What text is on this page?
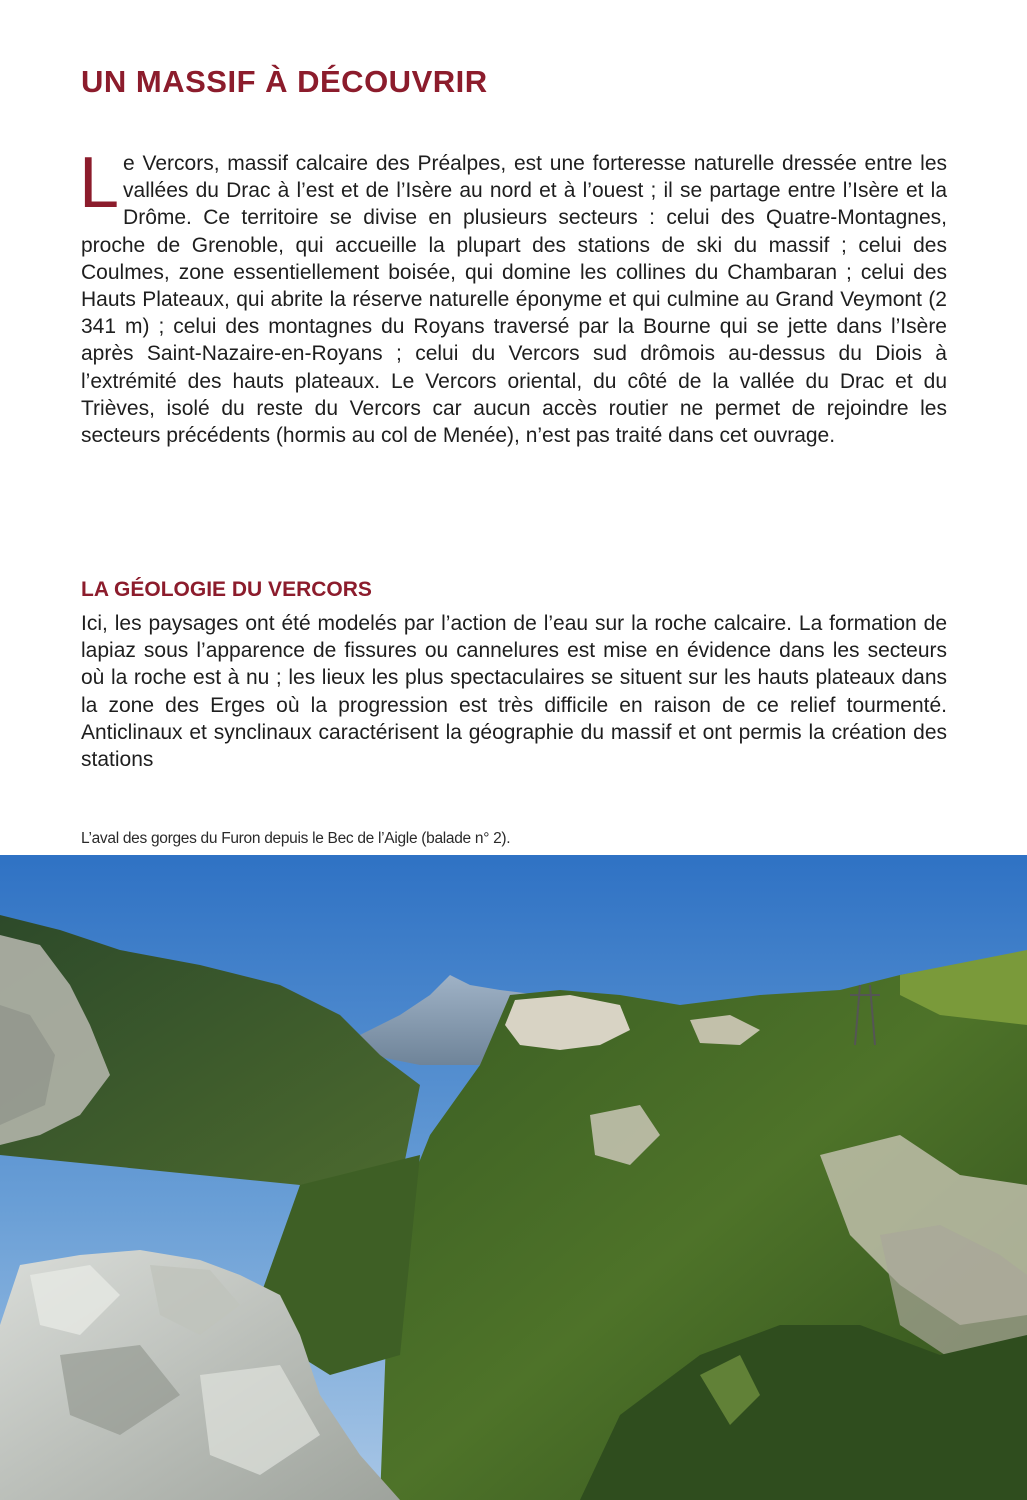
UN MASSIF À DÉCOUVRIR

Le Vercors, massif calcaire des Préalpes, est une forteresse naturelle dressée entre les vallées du Drac à l’est et de l’Isère au nord et à l’ouest ; il se partage entre l’Isère et la Drôme. Ce territoire se divise en plusieurs secteurs : celui des Quatre-Montagnes, proche de Grenoble, qui accueille la plupart des stations de ski du massif ; celui des Coulmes, zone essentiellement boisée, qui domine les collines du Chambaran ; celui des Hauts Plateaux, qui abrite la réserve naturelle éponyme et qui culmine au Grand Veymont (2 341 m) ; celui des montagnes du Royans traversé par la Bourne qui se jette dans l’Isère après Saint-Nazaire-en-Royans ; celui du Vercors sud drômois au-dessus du Diois à l’extrémité des hauts plateaux. Le Vercors oriental, du côté de la vallée du Drac et du Trièves, isolé du reste du Vercors car aucun accès routier ne permet de rejoindre les secteurs précédents (hormis au col de Menée), n’est pas traité dans cet ouvrage.

LA GÉOLOGIE DU VERCORS

Ici, les paysages ont été modelés par l’action de l’eau sur la roche calcaire. La formation de lapiaz sous l’apparence de fissures ou cannelures est mise en évidence dans les secteurs où la roche est à nu ; les lieux les plus spectaculaires se situent sur les hauts plateaux dans la zone des Erges où la progression est très difficile en raison de ce relief tourmenté. Anticlinaux et synclinaux caractérisent la géographie du massif et ont permis la création des stations

L’aval des gorges du Furon depuis le Bec de l’Aigle (balade n° 2).
